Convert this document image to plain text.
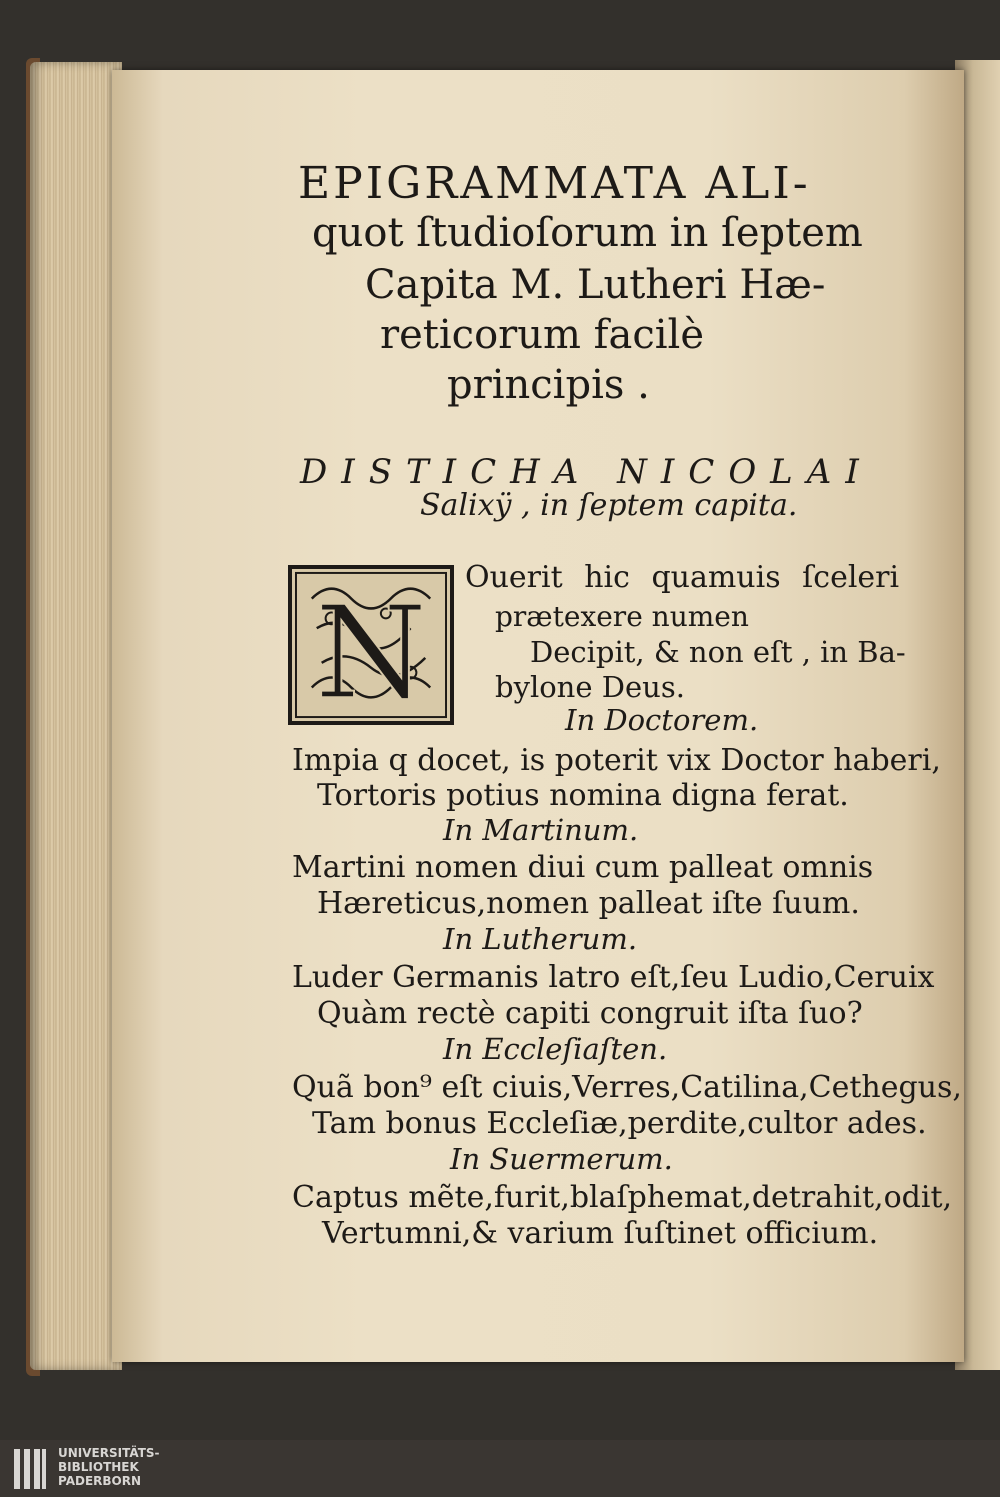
EPIGRAMMATA ALI-
quot ſtudioſorum in ſeptem
Capita M. Lutheri Hæ-
reticorum facilè
principis .
DISTICHA NICOLAI
Salixÿ , in ſeptem capita.
N
Ouerit hic quamuis ſceleri
prætexere numen
Decipit, & non eſt , in Ba-
bylone Deus.
In Doctorem.
Impia q docet, is poterit vix Doctor haberi,
Tortoris potius nomina digna ferat.
In Martinum.
Martini nomen diui cum palleat omnis
Hæreticus,nomen palleat iſte ſuum.
In Lutherum.
Luder Germanis latro eſt,ſeu Ludio,Ceruix
Quàm rectè capiti congruit iſta ſuo?
In Eccleſiaſten.
Quã bon⁹ eſt ciuis,Verres,Catilina,Cethegus,
Tam bonus Eccleſiæ,perdite,cultor ades.
In Suermerum.
Captus mẽte,furit,blaſphemat,detrahit,odit,
Vertumni,& varium ſuſtinet officium.
UNIVERSITÄTS-
BIBLIOTHEK
PADERBORN
